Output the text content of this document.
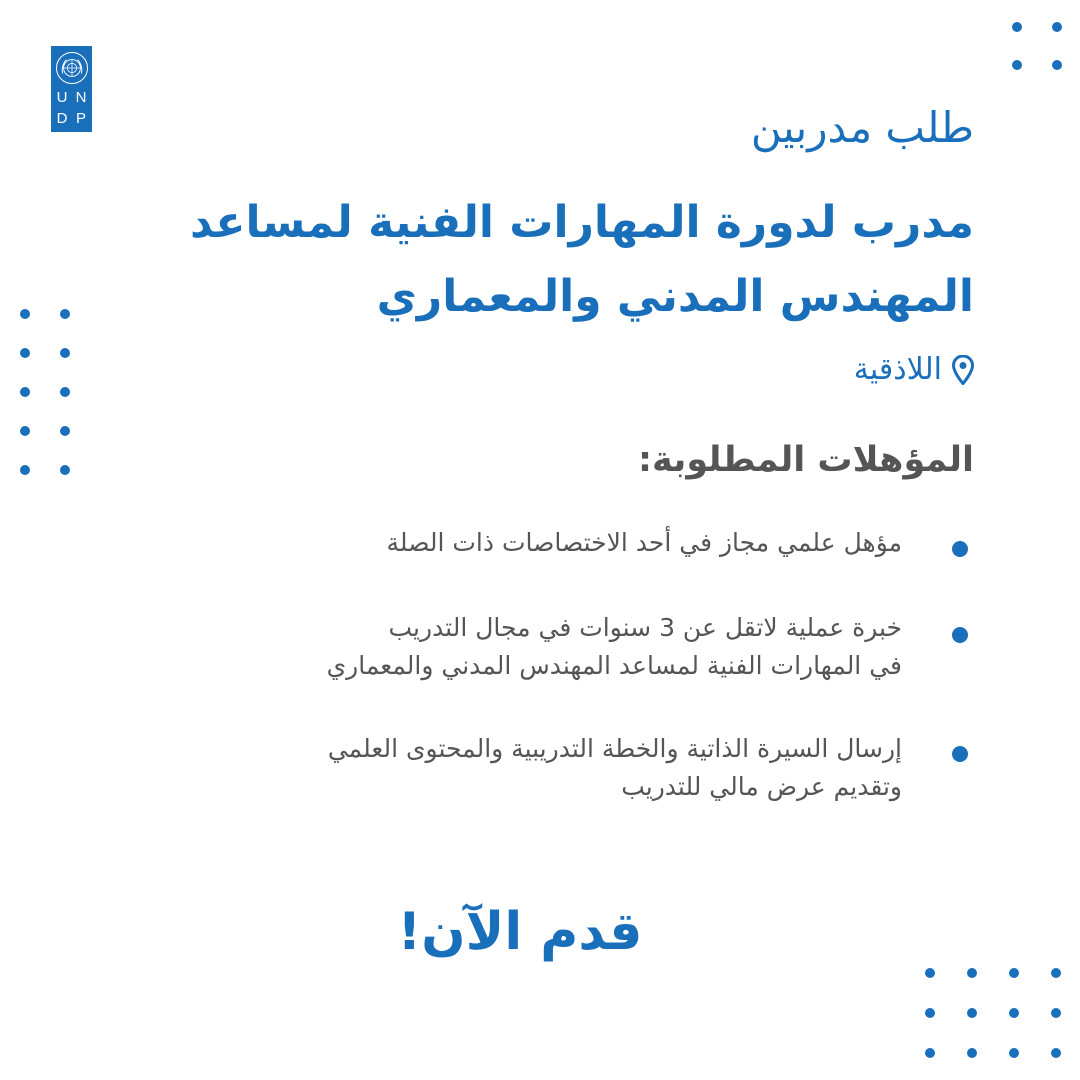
U N
D P	طلب مدربين
مدرب لدورة المهارات الفنية لمساعد
المهندس المدني والمعماري
اللاذقية
المؤهلات المطلوبة:
مؤهل علمي مجاز في أحد الاختصاصات ذات الصلة
خبرة عملية لاتقل عن 3 سنوات في مجال التدريب
في المهارات الفنية لمساعد المهندس المدني والمعماري
إرسال السيرة الذاتية والخطة التدريبية والمحتوى العلمي
وتقديم عرض مالي للتدريب
قدم الآن!
